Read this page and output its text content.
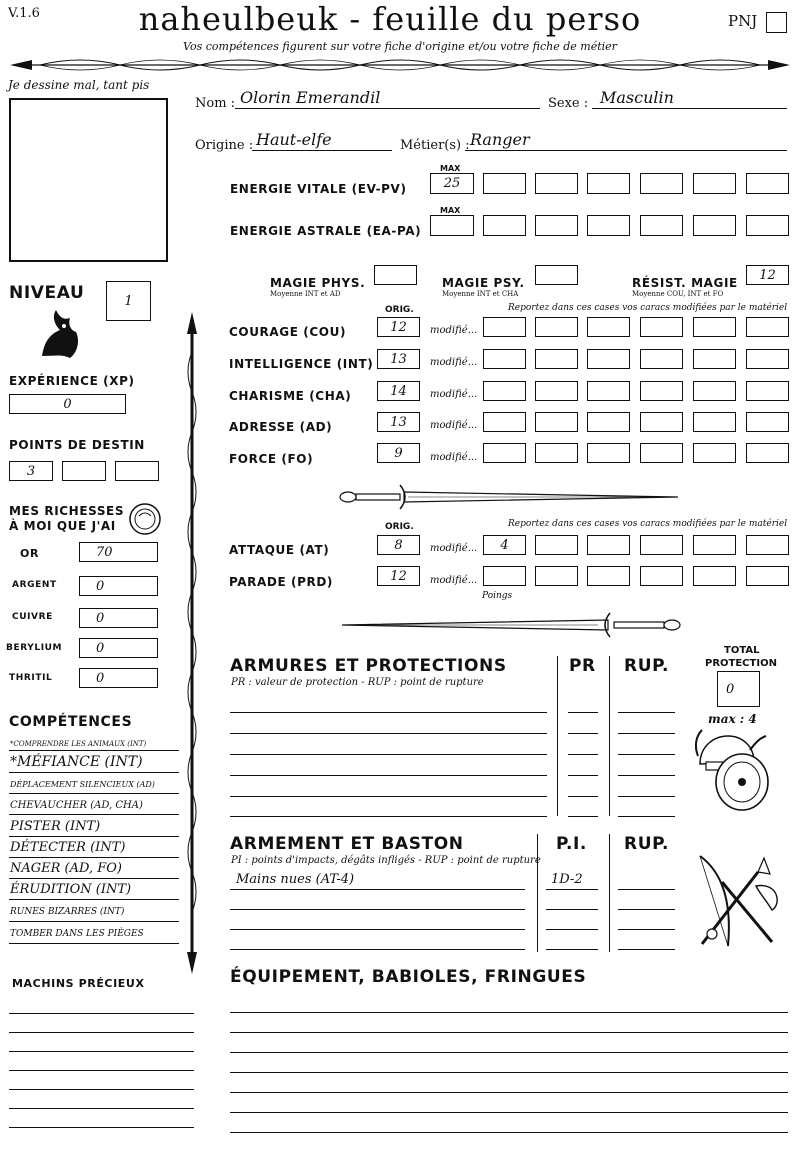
V.1.6	naheulbeuk - feuille du perso	PNJ
Vos compétences figurent sur votre fiche d'origine et/ou votre fiche de métier
Je dessine mal, tant pis
Nom : Olorin Emerandil	Sexe : Masculin
Origine : Haut-elfe	Métier(s) : Ranger
MAX
ENERGIE VITALE (EV-PV)	25
MAX
ENERGIE ASTRALE (EA-PA)
MAGIE PHYS.
Moyenne INT et AD
MAGIE PSY.
Moyenne INT et CHA
RÉSIST. MAGIE
Moyenne COU, INT et FO
12
NIVEAU	1
EXPÉRIENCE (XP)
0
POINTS DE DESTIN
3
MES RICHESSES
À MOI QUE J'AI
OR	70
ARGENT	0
CUIVRE	0
BERYLIUM	0
THRITIL	0
ORIG.	Reportez dans ces cases vos caracs modifiées par le matériel
COURAGE (COU)	12	modifié...
INTELLIGENCE (INT)	13	modifié...
CHARISME (CHA)	14	modifié...
ADRESSE (AD)	13	modifié...
FORCE (FO)	9	modifié...
ORIG.	Reportez dans ces cases vos caracs modifiées par le matériel
ATTAQUE (AT)	8	modifié...	4
PARADE (PRD)	12	modifié...
Poings
COMPÉTENCES
*COMPRENDRE LES ANIMAUX (INT)
*MÉFIANCE (INT)
DÉPLACEMENT SILENCIEUX (AD)
CHEVAUCHER (AD, CHA)
PISTER (INT)
DÉTECTER (INT)
NAGER (AD, FO)
ÉRUDITION (INT)
RUNES BIZARRES (INT)
TOMBER DANS LES PIÈGES
MACHINS PRÉCIEUX
ARMURES ET PROTECTIONS
PR : valeur de protection - RUP : point de rupture
PR RUP.
TOTAL
PROTECTION
0
max : 4
ARMEMENT ET BASTON
PI : points d'impacts, dégâts infligés - RUP : point de rupture
P.I. RUP.
Mains nues (AT-4)	1D-2
ÉQUIPEMENT, BABIOLES, FRINGUES
